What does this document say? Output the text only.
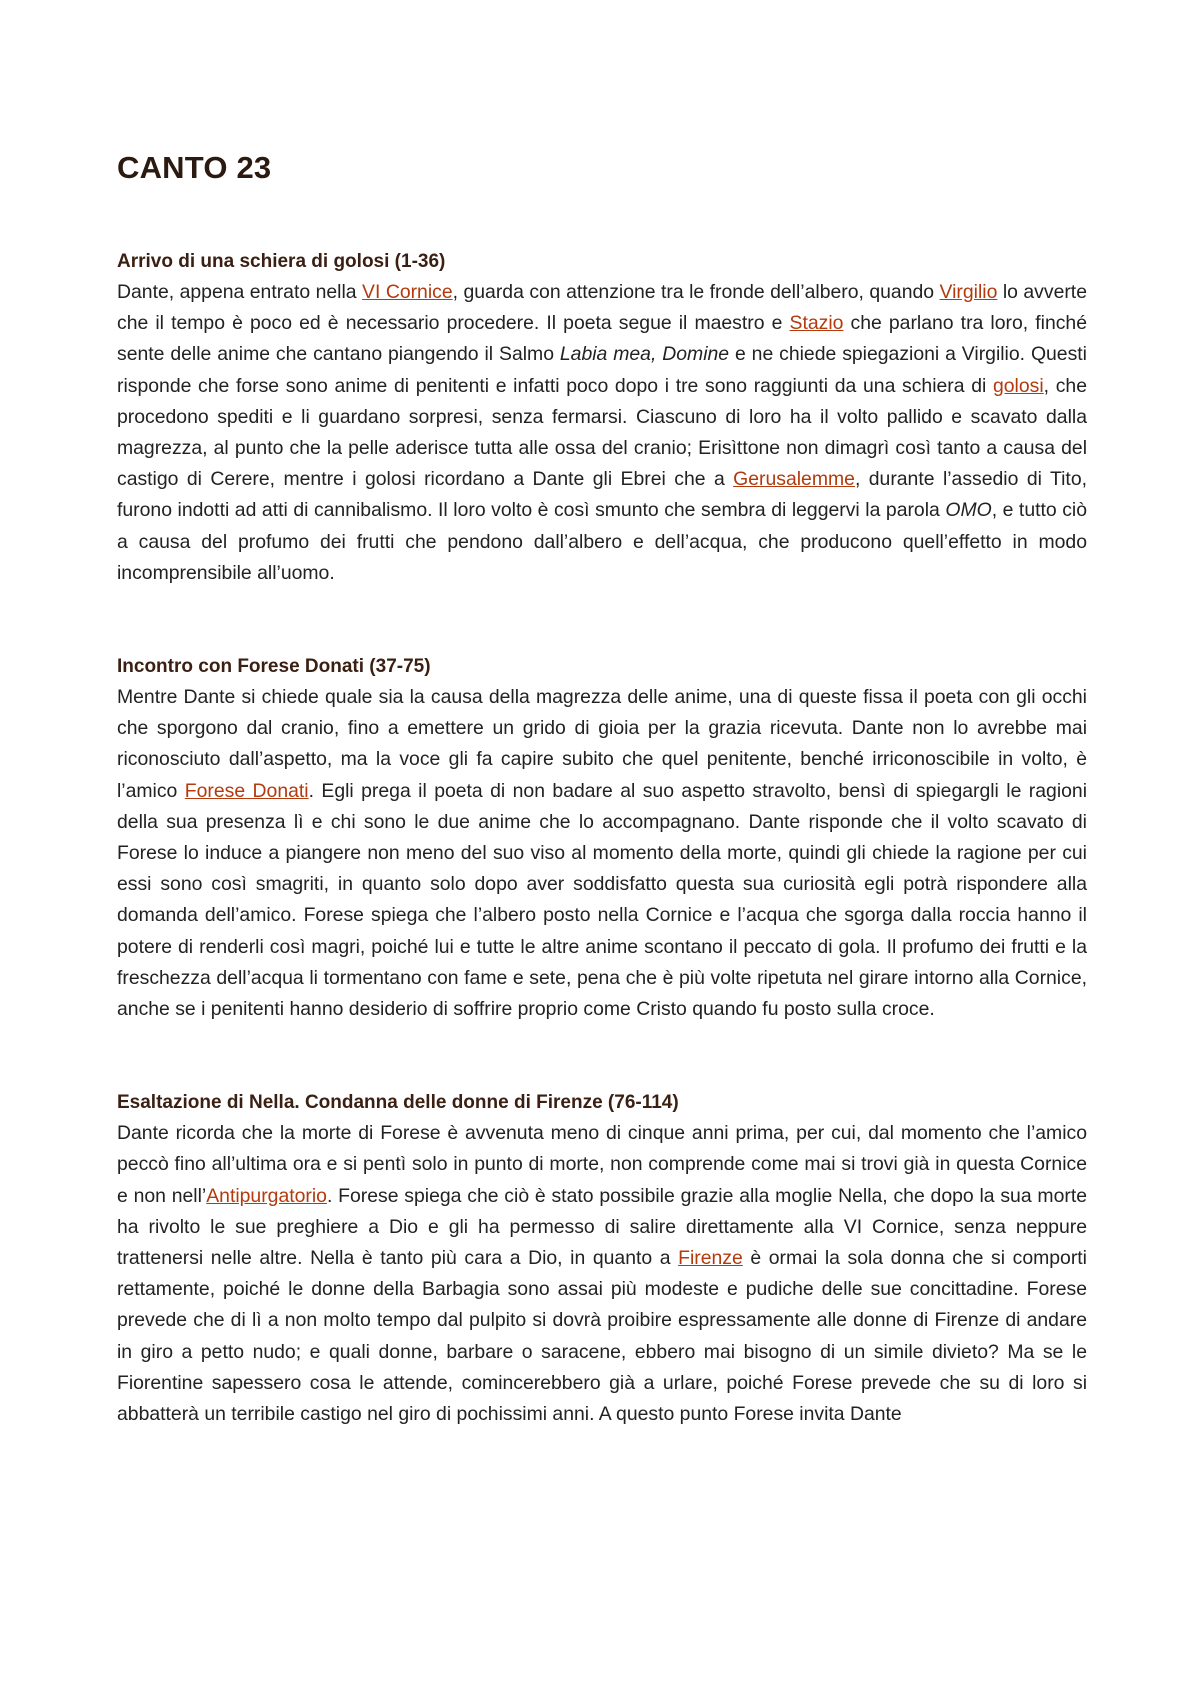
CANTO 23
Arrivo di una schiera di golosi (1-36)

Dante, appena entrato nella VI Cornice, guarda con attenzione tra le fronde dell’albero, quando Virgilio lo avverte che il tempo è poco ed è necessario procedere. Il poeta segue il maestro e Stazio che parlano tra loro, finché sente delle anime che cantano piangendo il Salmo Labia mea, Domine e ne chiede spiegazioni a Virgilio. Questi risponde che forse sono anime di penitenti e infatti poco dopo i tre sono raggiunti da una schiera di golosi, che procedono spediti e li guardano sorpresi, senza fermarsi. Ciascuno di loro ha il volto pallido e scavato dalla magrezza, al punto che la pelle aderisce tutta alle ossa del cranio; Erisìttone non dimagrì così tanto a causa del castigo di Cerere, mentre i golosi ricordano a Dante gli Ebrei che a Gerusalemme, durante l’assedio di Tito, furono indotti ad atti di cannibalismo. Il loro volto è così smunto che sembra di leggervi la parola OMO, e tutto ciò a causa del profumo dei frutti che pendono dall’albero e dell’acqua, che producono quell’effetto in modo incomprensibile all’uomo.

Incontro con Forese Donati (37-75)

Mentre Dante si chiede quale sia la causa della magrezza delle anime, una di queste fissa il poeta con gli occhi che sporgono dal cranio, fino a emettere un grido di gioia per la grazia ricevuta. Dante non lo avrebbe mai riconosciuto dall’aspetto, ma la voce gli fa capire subito che quel penitente, benché irriconoscibile in volto, è l’amico Forese Donati. Egli prega il poeta di non badare al suo aspetto stravolto, bensì di spiegargli le ragioni della sua presenza lì e chi sono le due anime che lo accompagnano. Dante risponde che il volto scavato di Forese lo induce a piangere non meno del suo viso al momento della morte, quindi gli chiede la ragione per cui essi sono così smagriti, in quanto solo dopo aver soddisfatto questa sua curiosità egli potrà rispondere alla domanda dell’amico. Forese spiega che l’albero posto nella Cornice e l’acqua che sgorga dalla roccia hanno il potere di renderli così magri, poiché lui e tutte le altre anime scontano il peccato di gola. Il profumo dei frutti e la freschezza dell’acqua li tormentano con fame e sete, pena che è più volte ripetuta nel girare intorno alla Cornice, anche se i penitenti hanno desiderio di soffrire proprio come Cristo quando fu posto sulla croce.

Esaltazione di Nella. Condanna delle donne di Firenze (76-114)

Dante ricorda che la morte di Forese è avvenuta meno di cinque anni prima, per cui, dal momento che l’amico peccò fino all’ultima ora e si pentì solo in punto di morte, non comprende come mai si trovi già in questa Cornice e non nell’Antipurgatorio. Forese spiega che ciò è stato possibile grazie alla moglie Nella, che dopo la sua morte ha rivolto le sue preghiere a Dio e gli ha permesso di salire direttamente alla VI Cornice, senza neppure trattenersi nelle altre. Nella è tanto più cara a Dio, in quanto a Firenze è ormai la sola donna che si comporti rettamente, poiché le donne della Barbagia sono assai più modeste e pudiche delle sue concittadine. Forese prevede che di lì a non molto tempo dal pulpito si dovrà proibire espressamente alle donne di Firenze di andare in giro a petto nudo; e quali donne, barbare o saracene, ebbero mai bisogno di un simile divieto? Ma se le Fiorentine sapessero cosa le attende, comincerebbero già a urlare, poiché Forese prevede che su di loro si abbatterà un terribile castigo nel giro di pochissimi anni. A questo punto Forese invita Dante
